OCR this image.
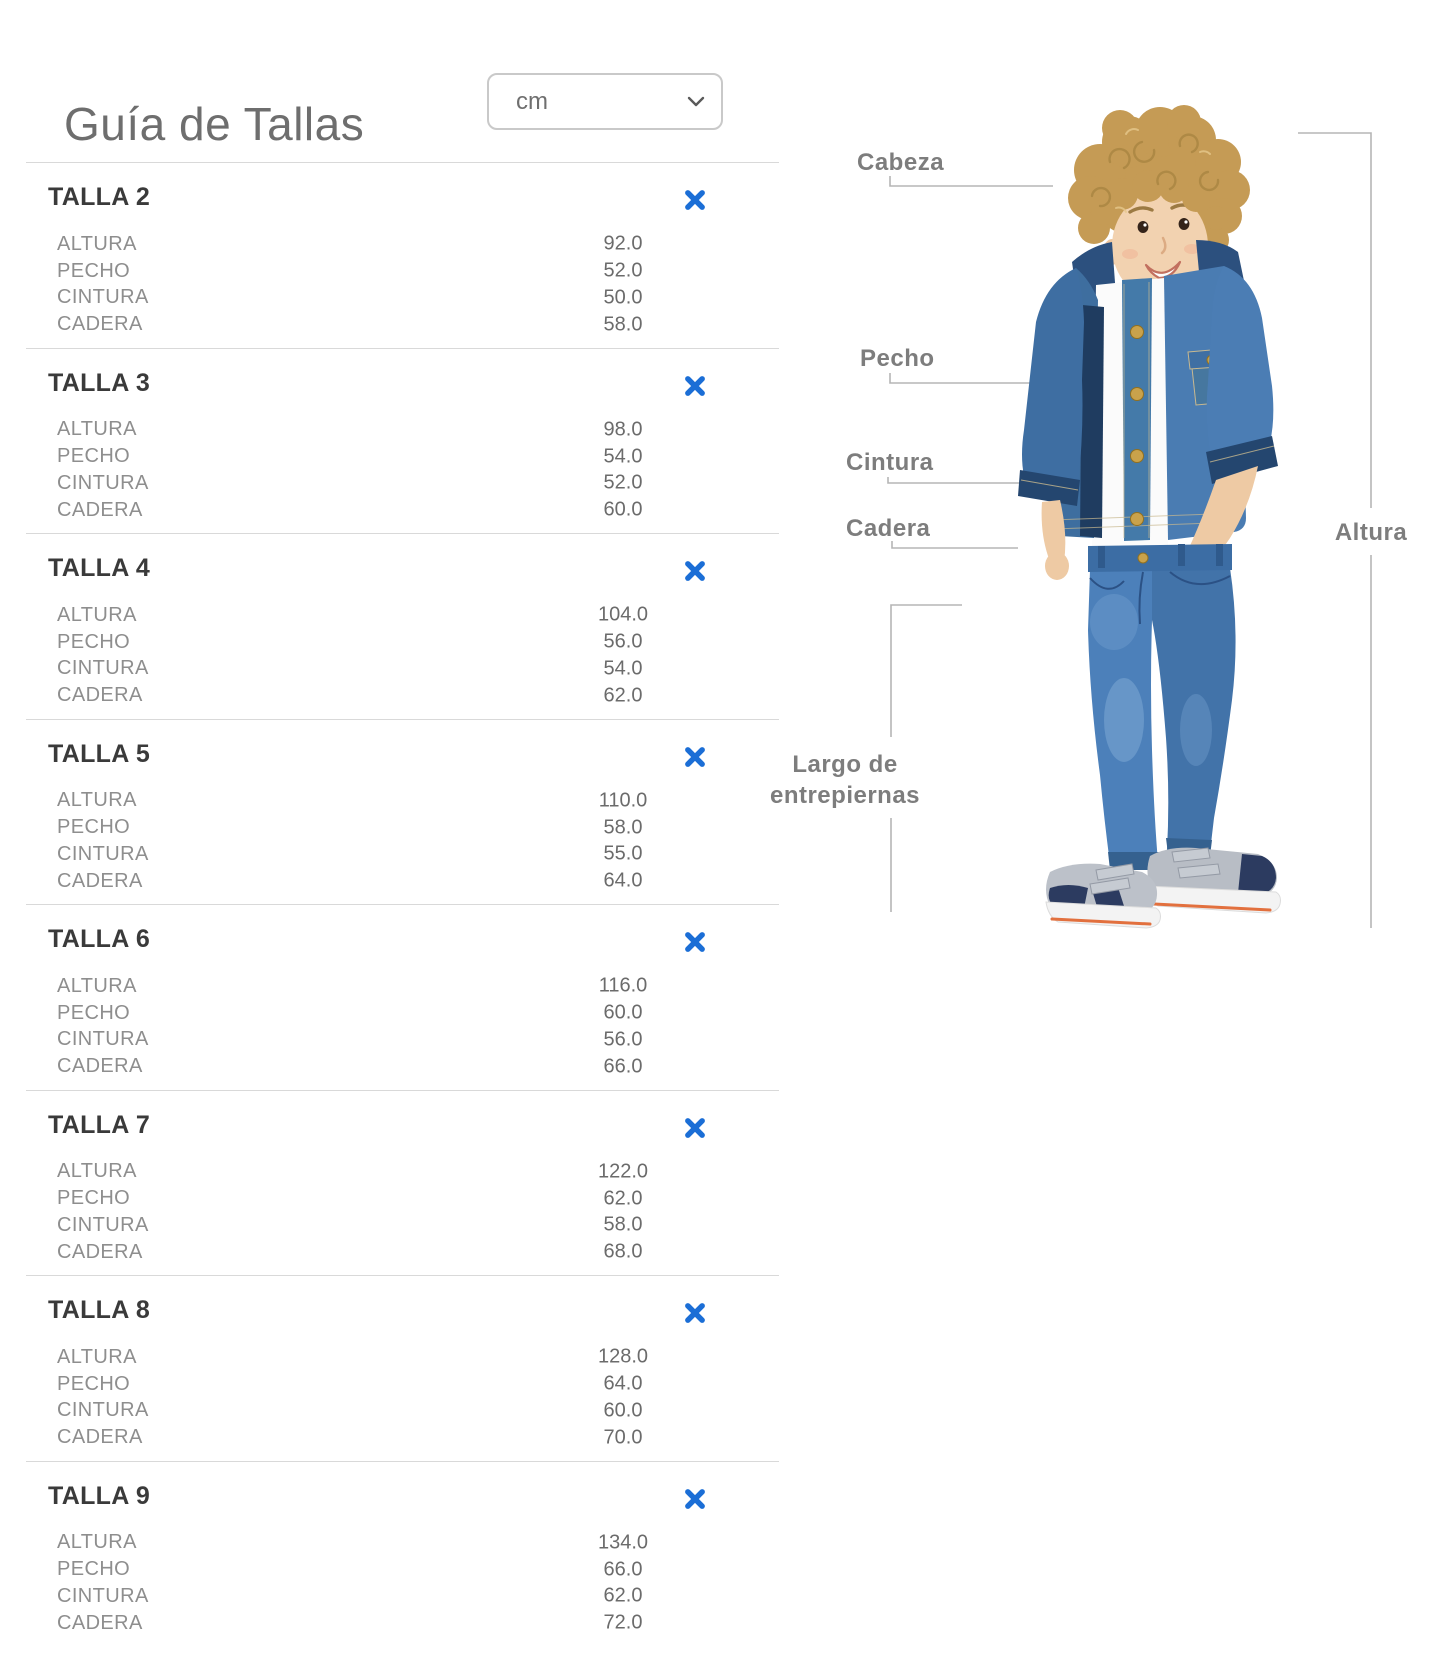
Guía de Tallas	cm
TALLA 2
ALTURA	92.0
PECHO	52.0
CINTURA	50.0
CADERA	58.0
TALLA 3
ALTURA	98.0
PECHO	54.0
CINTURA	52.0
CADERA	60.0
TALLA 4
ALTURA	104.0
PECHO	56.0
CINTURA	54.0
CADERA	62.0
TALLA 5
ALTURA	110.0
PECHO	58.0
CINTURA	55.0
CADERA	64.0
TALLA 6
ALTURA	116.0
PECHO	60.0
CINTURA	56.0
CADERA	66.0
TALLA 7
ALTURA	122.0
PECHO	62.0
CINTURA	58.0
CADERA	68.0
TALLA 8
ALTURA	128.0
PECHO	64.0
CINTURA	60.0
CADERA	70.0
TALLA 9
ALTURA	134.0
PECHO	66.0
CINTURA	62.0
CADERA	72.0
Cabeza
Pecho
Cintura
Cadera
Largo de
entrepiernas
Altura
